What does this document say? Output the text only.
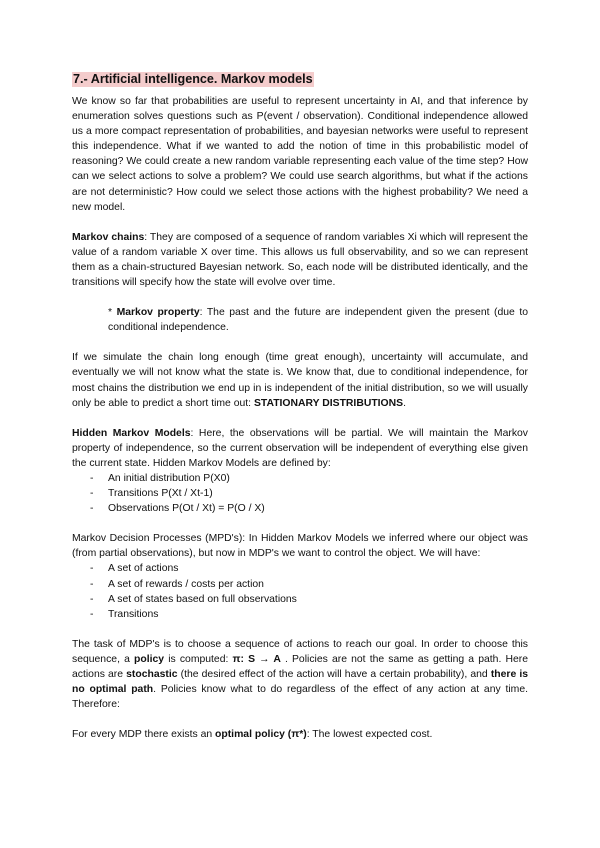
7.- Artificial intelligence. Markov models

We know so far that probabilities are useful to represent uncertainty in AI, and that inference by enumeration solves questions such as P(event / observation). Conditional independence allowed us a more compact representation of probabilities, and bayesian networks were useful to represent this independence. What if we wanted to add the notion of time in this probabilistic model of reasoning? We could create a new random variable representing each value of the time step? How can we select actions to solve a problem? We could use search algorithms, but what if the actions are not deterministic? How could we select those actions with the highest probability? We need a new model.

Markov chains: They are composed of a sequence of random variables Xi which will represent the value of a random variable X over time. This allows us full observability, and so we can represent them as a chain-structured Bayesian network. So, each node will be distributed identically, and the transitions will specify how the state will evolve over time.

* Markov property: The past and the future are independent given the present (due to conditional independence.

If we simulate the chain long enough (time great enough), uncertainty will accumulate, and eventually we will not know what the state is. We know that, due to conditional independence, for most chains the distribution we end up in is independent of the initial distribution, so we will usually only be able to predict a short time out: STATIONARY DISTRIBUTIONS.

Hidden Markov Models: Here, the observations will be partial. We will maintain the Markov property of independence, so the current observation will be independent of everything else given the current state. Hidden Markov Models are defined by:

- An initial distribution P(X0)
- Transitions P(Xt / Xt-1)
- Observations P(Ot / Xt) = P(O / X)

Markov Decision Processes (MPD's): In Hidden Markov Models we inferred where our object was (from partial observations), but now in MDP's we want to control the object. We will have:

- A set of actions
- A set of rewards / costs per action
- A set of states based on full observations
- Transitions

The task of MDP's is to choose a sequence of actions to reach our goal. In order to choose this sequence, a policy is computed: π: S → A . Policies are not the same as getting a path. Here actions are stochastic (the desired effect of the action will have a certain probability), and there is no optimal path. Policies know what to do regardless of the effect of any action at any time. Therefore:

For every MDP there exists an optimal policy (π*): The lowest expected cost.
